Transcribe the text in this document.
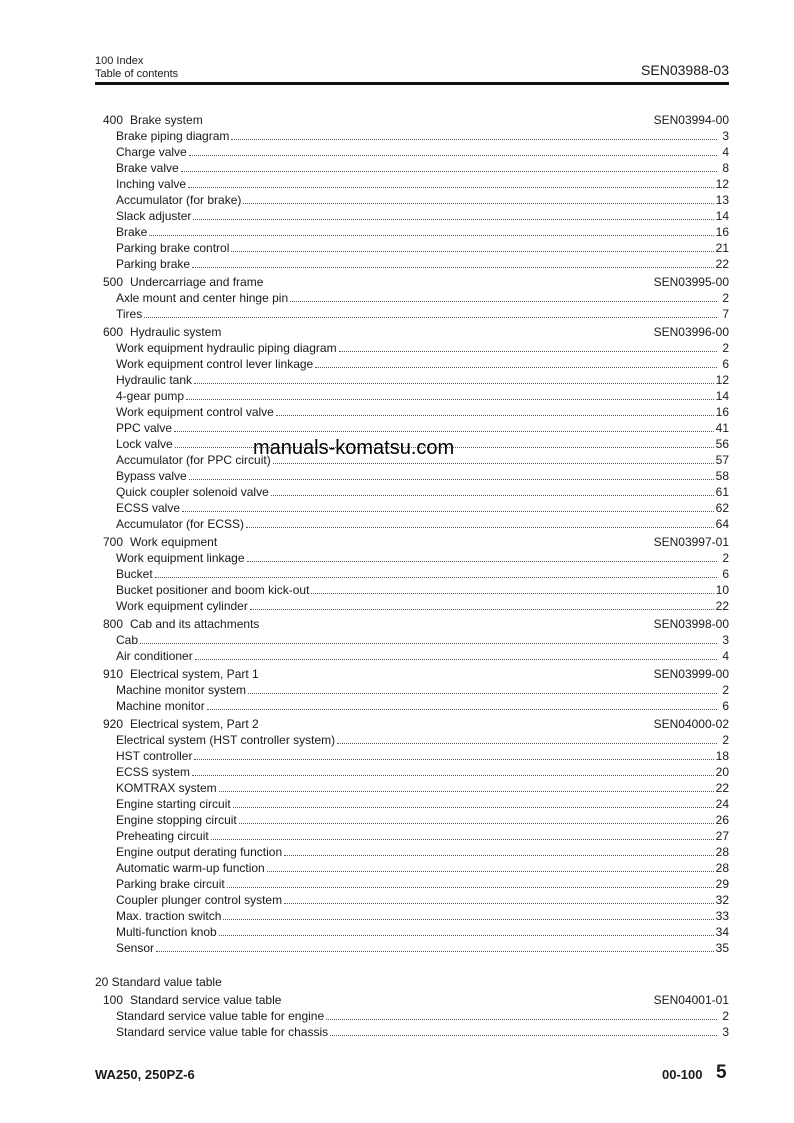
100 Index
Table of contents	SEN03988-03
400 Brake system	SEN03994-00
Brake piping diagram	3
Charge valve	4
Brake valve	8
Inching valve	12
Accumulator (for brake)	13
Slack adjuster	14
Brake	16
Parking brake control	21
Parking brake	22
500 Undercarriage and frame	SEN03995-00
Axle mount and center hinge pin	2
Tires	7
600 Hydraulic system	SEN03996-00
Work equipment hydraulic piping diagram	2
Work equipment control lever linkage	6
Hydraulic tank	12
4-gear pump	14
Work equipment control valve	16
PPC valve	41
Lock valve	56
Accumulator (for PPC circuit)	57
Bypass valve	58
Quick coupler solenoid valve	61
ECSS valve	62
Accumulator (for ECSS)	64
700 Work equipment	SEN03997-01
Work equipment linkage	2
Bucket	6
Bucket positioner and boom kick-out	10
Work equipment cylinder	22
800 Cab and its attachments	SEN03998-00
Cab	3
Air conditioner	4
910 Electrical system, Part 1	SEN03999-00
Machine monitor system	2
Machine monitor	6
920 Electrical system, Part 2	SEN04000-02
Electrical system (HST controller system)	2
HST controller	18
ECSS system	20
KOMTRAX system	22
Engine starting circuit	24
Engine stopping circuit	26
Preheating circuit	27
Engine output derating function	28
Automatic warm-up function	28
Parking brake circuit	29
Coupler plunger control system	32
Max. traction switch	33
Multi-function knob	34
Sensor	35
20 Standard value table
100 Standard service value table	SEN04001-01
Standard service value table for engine	2
Standard service value table for chassis	3
manuals-komatsu.com
WA250, 250PZ-6	00-100 5
